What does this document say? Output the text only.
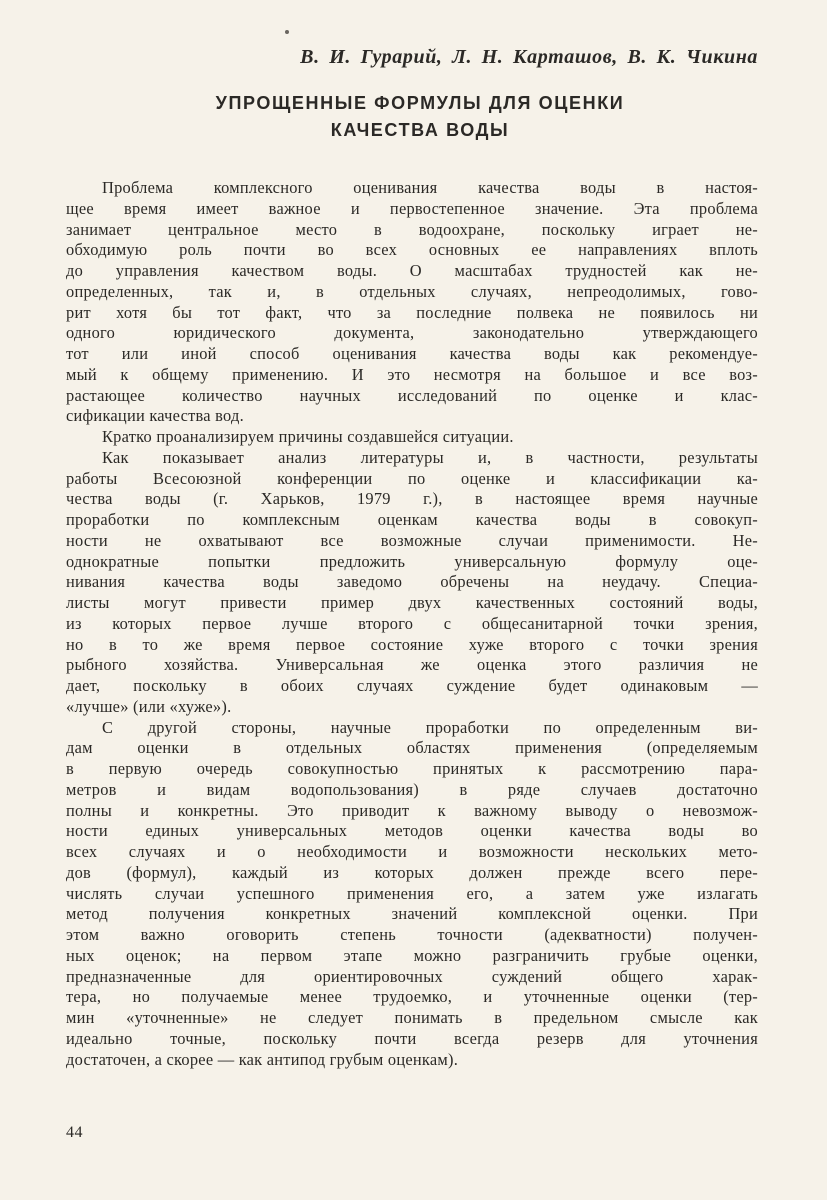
В. И. Гурарий, Л. Н. Карташов, В. К. Чикина
УПРОЩЕННЫЕ ФОРМУЛЫ ДЛЯ ОЦЕНКИ
КАЧЕСТВА ВОДЫ
Проблема комплексного оценивания качества воды в настоя-
щее время имеет важное и первостепенное значение. Эта проблема
занимает центральное место в водоохране, поскольку играет не-
обходимую роль почти во всех основных ее направлениях вплоть
до управления качеством воды. О масштабах трудностей как не-
определенных, так и, в отдельных случаях, непреодолимых, гово-
рит хотя бы тот факт, что за последние полвека не появилось ни
одного юридического документа, законодательно утверждающего
тот или иной способ оценивания качества воды как рекомендуе-
мый к общему применению. И это несмотря на большое и все воз-
растающее количество научных исследований по оценке и клас-
сификации качества вод.
Кратко проанализируем причины создавшейся ситуации.
Как показывает анализ литературы и, в частности, результаты
работы Всесоюзной конференции по оценке и классификации ка-
чества воды (г. Харьков, 1979 г.), в настоящее время научные
проработки по комплексным оценкам качества воды в совокуп-
ности не охватывают все возможные случаи применимости. Не-
однократные попытки предложить универсальную формулу оце-
нивания качества воды заведомо обречены на неудачу. Специа-
листы могут привести пример двух качественных состояний воды,
из которых первое лучше второго с общесанитарной точки зрения,
но в то же время первое состояние хуже второго с точки зрения
рыбного хозяйства. Универсальная же оценка этого различия не
дает, поскольку в обоих случаях суждение будет одинаковым —
«лучше» (или «хуже»).
С другой стороны, научные проработки по определенным ви-
дам оценки в отдельных областях применения (определяемым
в первую очередь совокупностью принятых к рассмотрению пара-
метров и видам водопользования) в ряде случаев достаточно
полны и конкретны. Это приводит к важному выводу о невозмож-
ности единых универсальных методов оценки качества воды во
всех случаях и о необходимости и возможности нескольких мето-
дов (формул), каждый из которых должен прежде всего пере-
числять случаи успешного применения его, а затем уже излагать
метод получения конкретных значений комплексной оценки. При
этом важно оговорить степень точности (адекватности) получен-
ных оценок; на первом этапе можно разграничить грубые оценки,
предназначенные для ориентировочных суждений общего харак-
тера, но получаемые менее трудоемко, и уточненные оценки (тер-
мин «уточненные» не следует понимать в предельном смысле как
идеально точные, поскольку почти всегда резерв для уточнения
достаточен, а скорее — как антипод грубым оценкам).
44
